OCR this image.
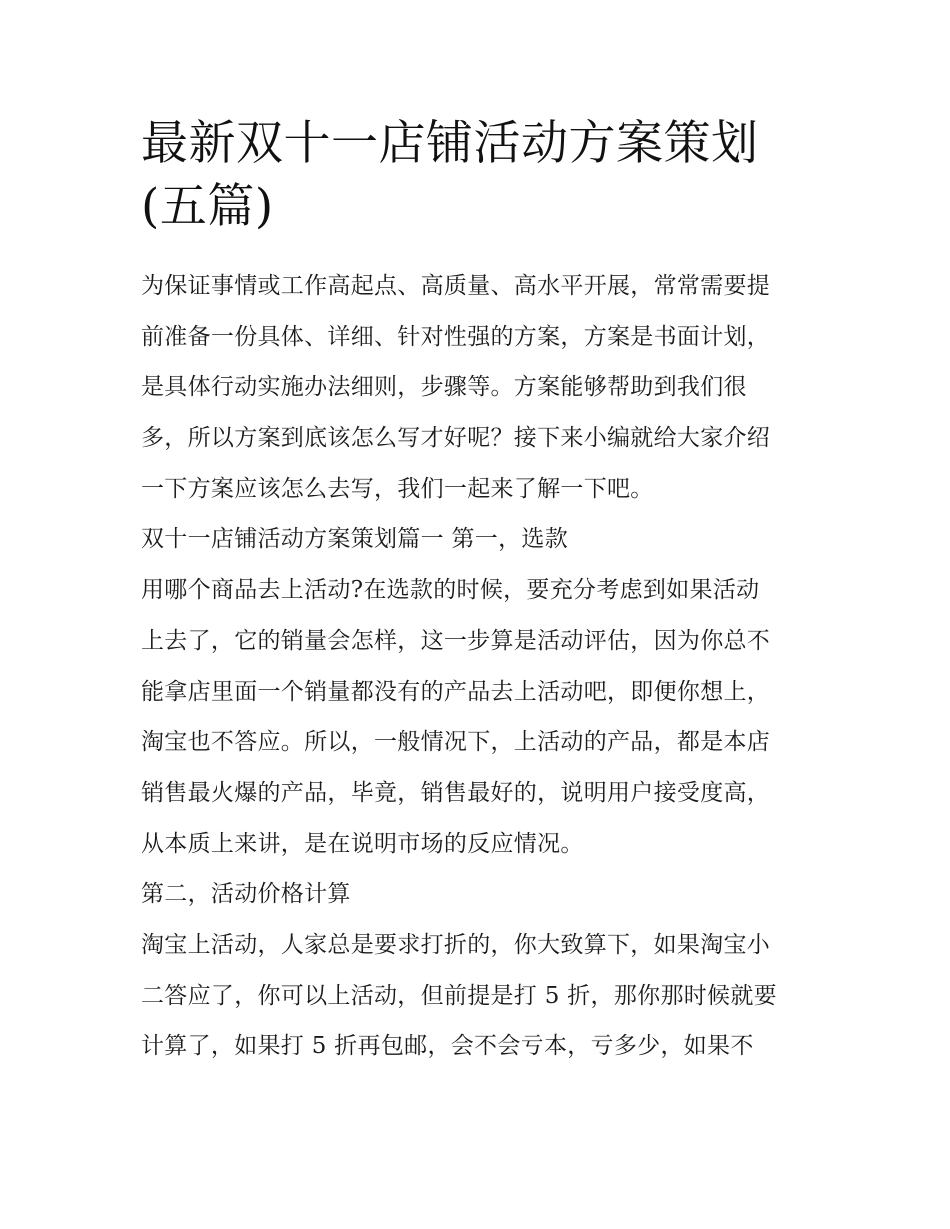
最新双十一店铺活动方案策划
(五篇)
为保证事情或工作高起点、高质量、高水平开展，常常需要提
前准备一份具体、详细、针对性强的方案，方案是书面计划，
是具体行动实施办法细则，步骤等。方案能够帮助到我们很
多，所以方案到底该怎么写才好呢？接下来小编就给大家介绍
一下方案应该怎么去写，我们一起来了解一下吧。
双十一店铺活动方案策划篇一 第一，选款
用哪个商品去上活动?在选款的时候，要充分考虑到如果活动
上去了，它的销量会怎样，这一步算是活动评估，因为你总不
能拿店里面一个销量都没有的产品去上活动吧，即便你想上，
淘宝也不答应。所以，一般情况下，上活动的产品，都是本店
销售最火爆的产品，毕竟，销售最好的，说明用户接受度高，
从本质上来讲，是在说明市场的反应情况。
第二，活动价格计算
淘宝上活动，人家总是要求打折的，你大致算下，如果淘宝小
二答应了，你可以上活动，但前提是打 5 折，那你那时候就要
计算了，如果打 5 折再包邮，会不会亏本，亏多少，如果不
